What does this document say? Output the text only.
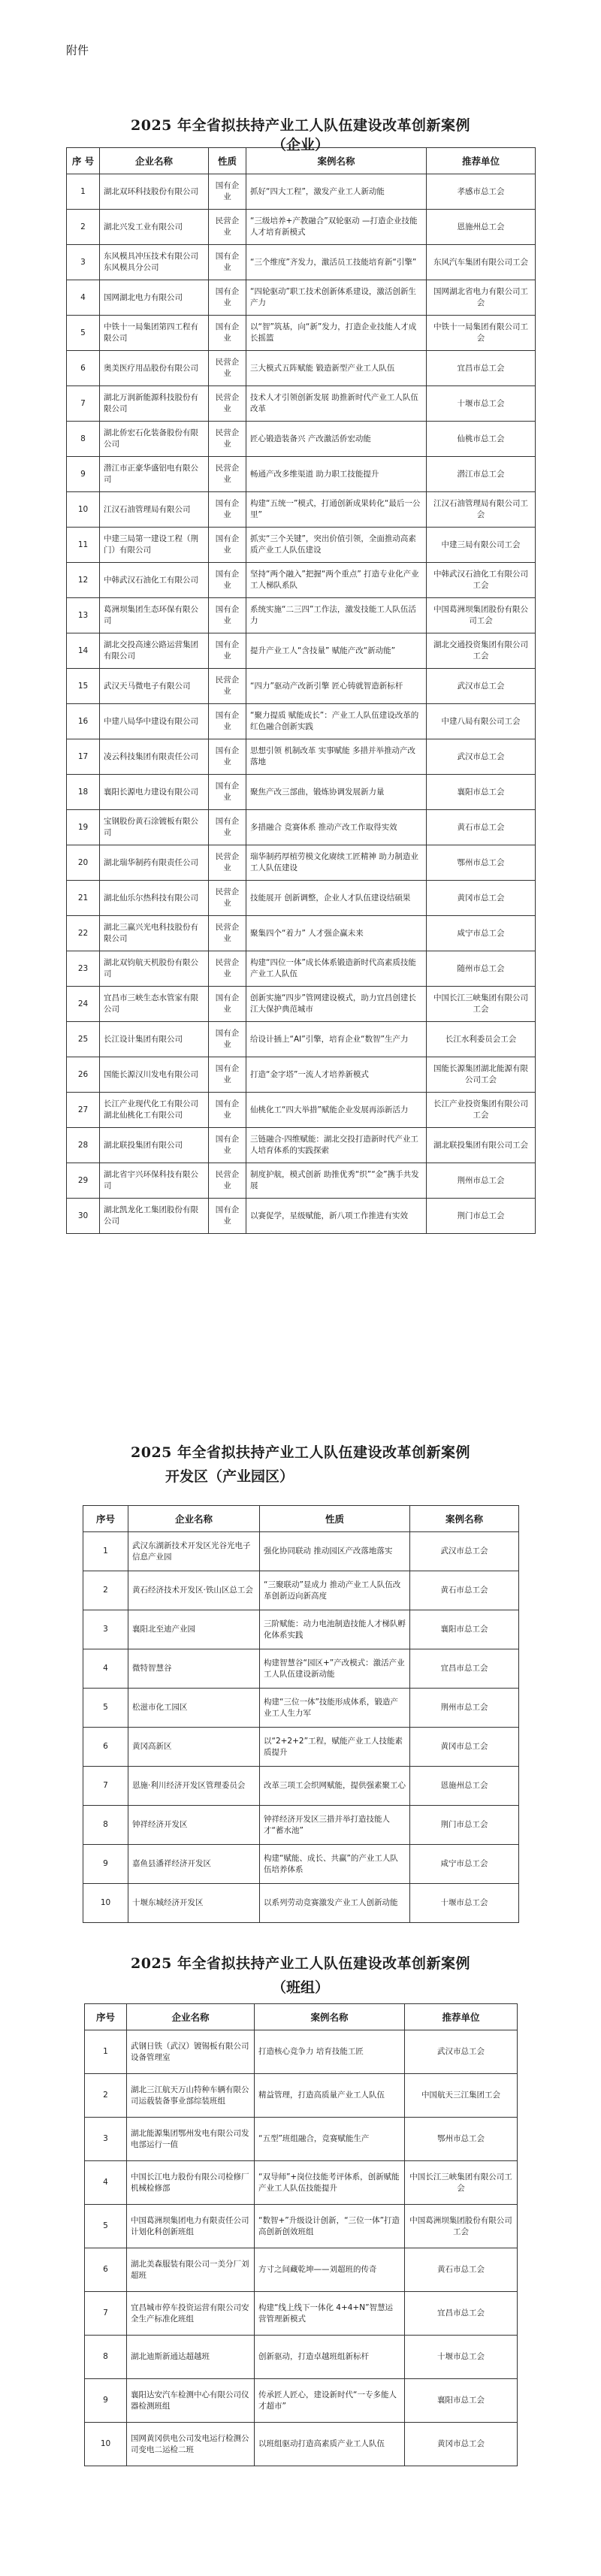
附件
2025 年全省拟扶持产业工人队伍建设改革创新案例
序 号	企业名称	性质	案例名称	推荐单位
1	湖北双环科技股份有限公司	国有企业	抓好“四大工程”，激发产业工人新动能	孝感市总工会
2	湖北兴发工业有限公司	民营企业	“三级培养+产教融合”双轮驱动 —打造企业技能人才培育新模式	恩施州总工会
3	东风模具冲压技术有限公司东风模具分公司	国有企业	“三个维度”齐发力，激活员工技能培育新“引擎”	东风汽车集团有限公司工会
4	国网湖北电力有限公司	国有企业	“四轮驱动”职工技术创新体系建设，激活创新生产力	国网湖北省电力有限公司工会
5	中铁十一局集团第四工程有限公司	国有企业	以“智”筑基，向“新”发力，打造企业技能人才成长摇篮	中铁十一局集团有限公司工会
6	奥美医疗用品股份有限公司	民营企业	三大模式五阵赋能 锻造新型产业工人队伍	宜昌市总工会
7	湖北万润新能源科技股份有限公司	民营企业	技术人才引领创新发展 助推新时代产业工人队伍改革	十堰市总工会
8	湖北侨宏石化装备股份有限公司	民营企业	匠心锻造装备兴 产改激活侨宏动能	仙桃市总工会
9	潜江市正豪华盛铝电有限公司	民营企业	畅通产改多维渠道 助力职工技能提升	潜江市总工会
10	江汉石油管理局有限公司	国有企业	构建“五统一”模式，打通创新成果转化“最后一公里”	江汉石油管理局有限公司工会
11	中建三局第一建设工程（荆门）有限公司	国有企业	抓实“三个关键”，突出价值引领，全面推动高素质产业工人队伍建设	中建三局有限公司工会
12	中韩武汉石油化工有限公司	国有企业	坚持“两个融入”把握“两个重点” 打造专业化产业工人梯队系队	中韩武汉石油化工有限公司工会
13	葛洲坝集团生态环保有限公司	国有企业	系统实施“二三四”工作法，激发技能工人队伍活力	中国葛洲坝集团股份有限公司工会
14	湖北交投高速公路运营集团有限公司	国有企业	提升产业工人“含技量” 赋能产改“新动能”	湖北交通投资集团有限公司工会
15	武汉天马微电子有限公司	民营企业	“四力”驱动产改新引擎 匠心铸就智造新标杆	武汉市总工会
16	中建八局华中建设有限公司	国有企业	“聚力提质 赋能成长”：产业工人队伍建设改革的红色融合创新实践	中建八局有限公司工会
17	凌云科技集团有限责任公司	国有企业	思想引领 机制改革 实事赋能 多措并举推动产改落地	武汉市总工会
18	襄阳长源电力建设有限公司	国有企业	聚焦产改三部曲，锻炼协调发展新力量	襄阳市总工会
19	宝钢股份黄石涂镀板有限公司	国有企业	多措融合 竞赛体系 推动产改工作取得实效	黄石市总工会
20	湖北瑞华制药有限责任公司	民营企业	瑞华制药厚植劳模文化赓续工匠精神 助力制造业工人队伍建设	鄂州市总工会
21	湖北仙乐尔热科技有限公司	民营企业	技能展开 创新调整，企业人才队伍建设结硕果	黄冈市总工会
22	湖北三赢兴光电科技股份有限公司	民营企业	聚集四个“着力” 人才强企赢未来	咸宁市总工会
23	湖北双钧航天机股份有限公司	民营企业	构建“四位一体”成长体系锻造新时代高素质技能产业工人队伍	随州市总工会
24	宜昌市三峡生态水管家有限公司	国有企业	创新实施“四步”管网建设模式，助力宜昌创建长江大保护典范城市	中国长江三峡集团有限公司工会
25	长江设计集团有限公司	国有企业	给设计插上“AI”引擎，培育企业“数智”生产力	长江水利委员会工会
26	国能长源汉川发电有限公司	国有企业	打造“金字塔”一流人才培养新模式	国能长源集团湖北能源有限公司工会
27	长江产业现代化工有限公司湖北仙桃化工有限公司	国有企业	仙桃化工“四大举措”赋能企业发展再添新活力	长江产业投资集团有限公司工会
28	湖北联投集团有限公司	国有企业	三链融合·四维赋能：湖北交投打造新时代产业工人培育体系的实践探索	湖北联投集团有限公司工会
29	湖北省宇兴环保科技有限公司	民营企业	制度护航，模式创新 助推优秀“织”“金”携手共发展	荆州市总工会
30	湖北凯龙化工集团股份有限公司	国有企业	以赛促学，星级赋能，新八项工作推进有实效	荆门市总工会
2025 年全省拟扶持产业工人队伍建设改革创新案例
开发区（产业园区）
序号	企业名称	性质	案例名称
1	武汉东湖新技术开发区光谷光电子信息产业园	强化协同联动 推动园区产改落地落实	武汉市总工会
2	黄石经济技术开发区·铁山区总工会	“三聚联动”显成力 推动产业工人队伍改革创新迈向新高度	黄石市总工会
3	襄阳北至迪产业园	三阶赋能：动力电池制造技能人才梯队孵化体系实践	襄阳市总工会
4	微特智慧谷	构建智慧谷“园区+”产改模式：激活产业工人队伍建设新动能	宜昌市总工会
5	松滋市化工园区	构建“三位一体”技能形成体系，锻造产业工人生力军	荆州市总工会
6	黄冈高新区	以“2+2+2”工程，赋能产业工人技能素质提升	黄冈市总工会
7	恩施·利川经济开发区管理委员会	改革三项工会织网赋能，提供强素聚工心	恩施州总工会
8	钟祥经济开发区	钟祥经济开发区三措并举打造技能人才“蓄水池”	荆门市总工会
9	嘉鱼县潘祥经济开发区	构建“赋能、成长、共赢”的产业工人队伍培养体系	咸宁市总工会
10	十堰东城经济开发区	以系列劳动竞赛激发产业工人创新动能	十堰市总工会
2025 年全省拟扶持产业工人队伍建设改革创新案例
（班组）
序号	企业名称	案例名称	推荐单位
1	武钢日铁（武汉）镀锡板有限公司设备管理室	打造核心竞争力 培育技能工匠	武汉市总工会
2	湖北三江航天万山特种车辆有限公司运载装备事业部综装班组	精益管理，打造高质量产业工人队伍	中国航天三江集团工会
3	湖北能源集团鄂州发电有限公司发电部运行一值	“五型”班组融合，竞赛赋能生产	鄂州市总工会
4	中国长江电力股份有限公司检修厂机械检修部	“双导师”+岗位技能考评体系，创新赋能产业工人队伍技能提升	中国长江三峡集团有限公司工会
5	中国葛洲坝集团电力有限责任公司计划化科创新班组	“数智+”升级设计创新，“三位一体”打造高创新创效班组	中国葛洲坝集团股份有限公司工会
6	湖北美森服装有限公司一美分厂刘超班	方寸之间藏乾坤——刘超班的传奇	黄石市总工会
7	宜昌城市停车投资运营有限公司安全生产标准化班组	构建“线上线下一体化 4+4+N”智慧运营管理新模式	宜昌市总工会
8	湖北迪斯新通达超越班	创新驱动，打造卓越班组新标杆	十堰市总工会
9	襄阳达安汽车检测中心有限公司仪器检测班组	传承匠人匠心，建设新时代“一专多能人才超市”	襄阳市总工会
10	国网黄冈供电公司发电运行检测公司变电二运检二班	以班组驱动打造高素质产业工人队伍	黄冈市总工会
（企业）
